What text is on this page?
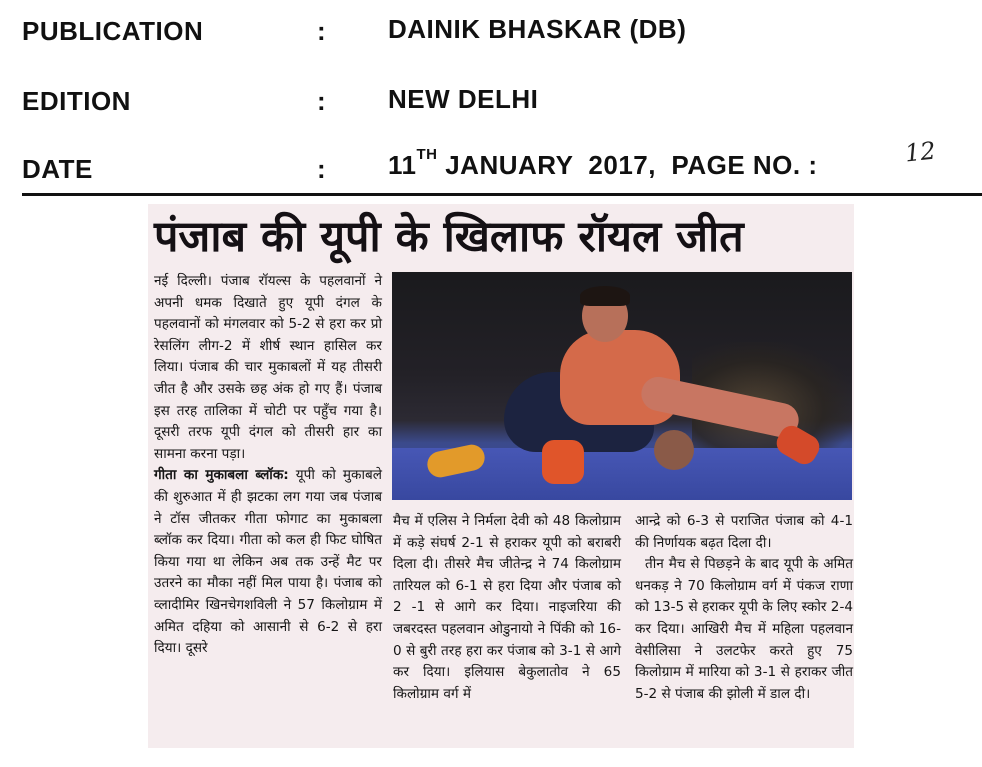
PUBLICATION	: DAINIK BHASKAR (DB)
EDITION	: NEW DELHI
DATE	: 11TH JANUARY  2017,  PAGE NO. :	12
पंजाब की यूपी के खिलाफ रॉयल जीत

नई दिल्ली। पंजाब रॉयल्स के पहलवानों ने अपनी धमक दिखाते हुए यूपी दंगल के पहलवानों को मंगलवार को 5-2 से हरा कर प्रो रेसलिंग लीग-2 में शीर्ष स्थान हासिल कर लिया। पंजाब की चार मुकाबलों में यह तीसरी जीत है और उसके छह अंक हो गए हैं। पंजाब इस तरह तालिका में चोटी पर पहुँच गया है। दूसरी तरफ यूपी दंगल को तीसरी हार का सामना करना पड़ा।

गीता का मुकाबला ब्लॉक: यूपी को मुकाबले की शुरुआत में ही झटका लग गया जब पंजाब ने टॉस जीतकर गीता फोगाट का मुकाबला ब्लॉक कर दिया। गीता को कल ही फिट घोषित किया गया था लेकिन अब तक उन्हें मैट पर उतरने का मौका नहीं मिल पाया है। पंजाब को व्लादीमिर खिनचेगशविली ने 57 किलोग्राम में अमित दहिया को आसानी से 6-2 से हरा दिया। दूसरे

मैच में एलिस ने निर्मला देवी को 48 किलोग्राम में कड़े संघर्ष 2-1 से हराकर यूपी को बराबरी दिला दी। तीसरे मैच जीतेन्द्र ने 74 किलोग्राम तारियल को 6-1 से हरा दिया और पंजाब को 2 -1 से आगे कर दिया। नाइजरिया की जबरदस्त पहलवान ओडुनायो ने पिंकी को 16-0 से बुरी तरह हरा कर पंजाब को 3-1 से आगे कर दिया। इलियास बेकुलातोव ने 65 किलोग्राम वर्ग में

आन्द्रे को 6-3 से पराजित पंजाब को 4-1 की निर्णायक बढ़त दिला दी।

तीन मैच से पिछड़ने के बाद यूपी के अमित धनकड़ ने 70 किलोग्राम वर्ग में पंकज राणा को 13-5 से हराकर यूपी के लिए स्कोर 2-4 कर दिया। आखिरी मैच में महिला पहलवान वेसीलिसा ने उलटफेर करते हुए 75 किलोग्राम में मारिया को 3-1 से हराकर जीत 5-2 से पंजाब की झोली में डाल दी।
